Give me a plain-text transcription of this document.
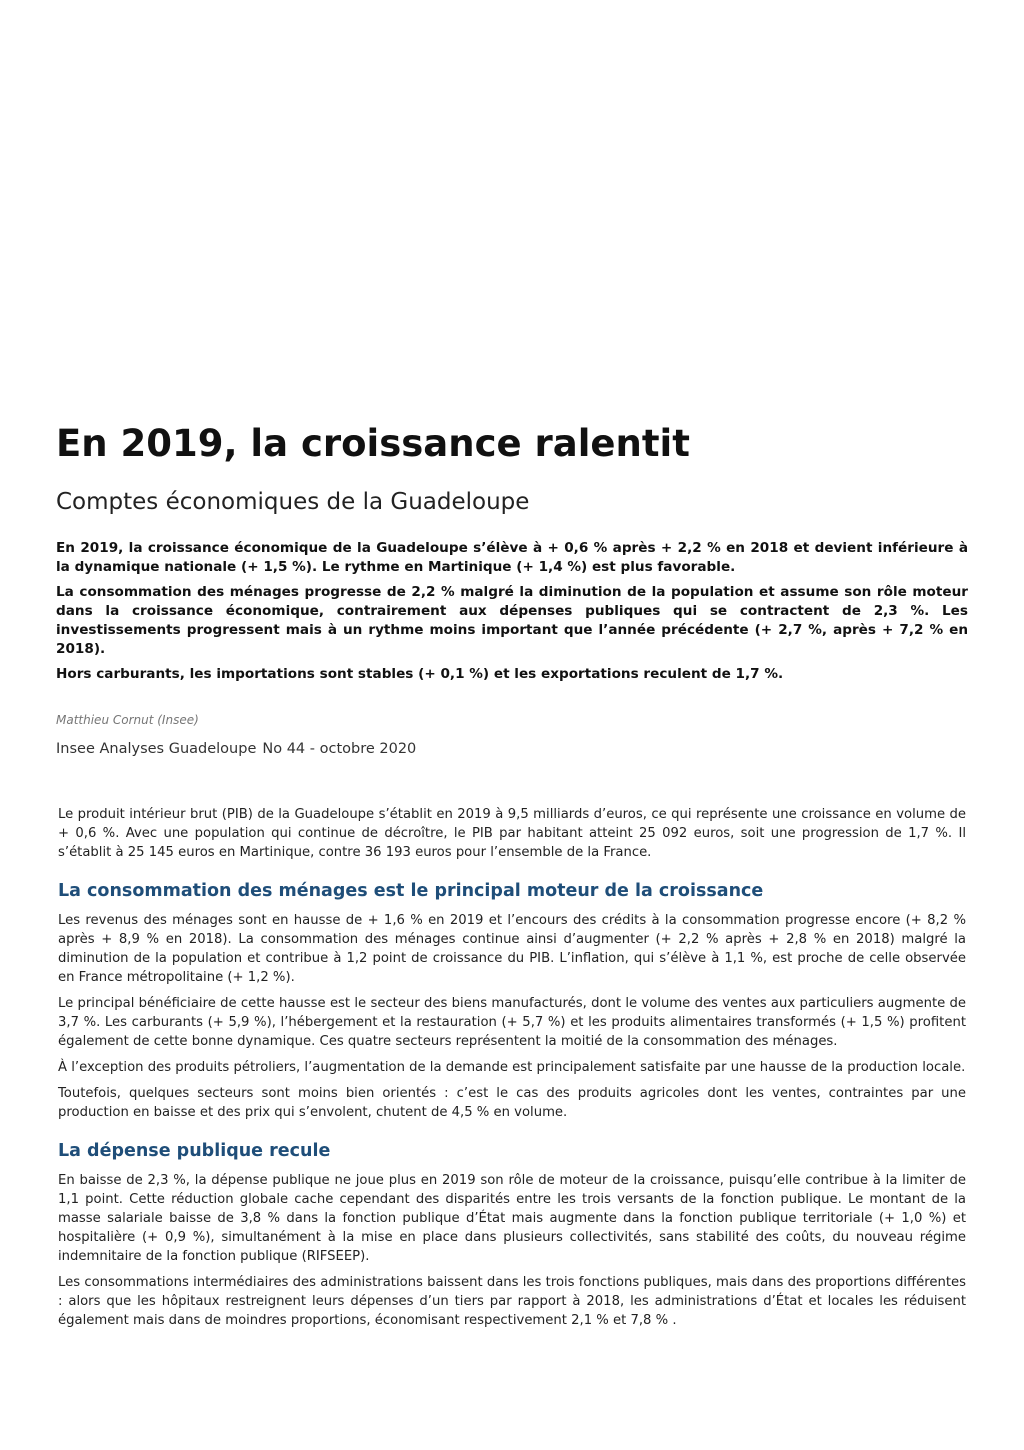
En 2019, la croissance ralentit
Comptes économiques de la Guadeloupe

En 2019, la croissance économique de la Guadeloupe s’élève à + 0,6 % après + 2,2 % en 2018 et devient inférieure à la dynamique nationale (+ 1,5 %). Le rythme en Martinique (+ 1,4 %) est plus favorable.

La consommation des ménages progresse de 2,2 % malgré la diminution de la population et assume son rôle moteur dans la croissance économique, contrairement aux dépenses publiques qui se contractent de 2,3 %. Les investissements progressent mais à un rythme moins important que l’année précédente (+ 2,7 %, après + 7,2 % en 2018).

Hors carburants, les importations sont stables (+ 0,1 %) et les exportations reculent de 1,7 %.

Matthieu Cornut (Insee)
Insee Analyses Guadeloupe No 44 - octobre 2020

Le produit intérieur brut (PIB) de la Guadeloupe s’établit en 2019 à 9,5 milliards d’euros, ce qui représente une croissance en volume de + 0,6 %. Avec une population qui continue de décroître, le PIB par habitant atteint 25 092 euros, soit une progression de 1,7 %. Il s’établit à 25 145 euros en Martinique, contre 36 193 euros pour l’ensemble de la France.

La consommation des ménages est le principal moteur de la croissance

Les revenus des ménages sont en hausse de + 1,6 % en 2019 et l’encours des crédits à la consommation progresse encore (+ 8,2 % après + 8,9 % en 2018). La consommation des ménages continue ainsi d’augmenter (+ 2,2 % après + 2,8 % en 2018) malgré la diminution de la population et contribue à 1,2 point de croissance du PIB. L’inflation, qui s’élève à 1,1 %, est proche de celle observée en France métropolitaine (+ 1,2 %).

Le principal bénéficiaire de cette hausse est le secteur des biens manufacturés, dont le volume des ventes aux particuliers augmente de 3,7 %. Les carburants (+ 5,9 %), l’hébergement et la restauration (+ 5,7 %) et les produits alimentaires transformés (+ 1,5 %) profitent également de cette bonne dynamique. Ces quatre secteurs représentent la moitié de la consommation des ménages.

À l’exception des produits pétroliers, l’augmentation de la demande est principalement satisfaite par une hausse de la production locale.

Toutefois, quelques secteurs sont moins bien orientés : c’est le cas des produits agricoles dont les ventes, contraintes par une production en baisse et des prix qui s’envolent, chutent de 4,5 % en volume.

La dépense publique recule

En baisse de 2,3 %, la dépense publique ne joue plus en 2019 son rôle de moteur de la croissance, puisqu’elle contribue à la limiter de 1,1 point. Cette réduction globale cache cependant des disparités entre les trois versants de la fonction publique. Le montant de la masse salariale baisse de 3,8 % dans la fonction publique d’État mais augmente dans la fonction publique territoriale (+ 1,0 %) et hospitalière (+ 0,9 %), simultanément à la mise en place dans plusieurs collectivités, sans stabilité des coûts, du nouveau régime indemnitaire de la fonction publique (RIFSEEP).

Les consommations intermédiaires des administrations baissent dans les trois fonctions publiques, mais dans des proportions différentes : alors que les hôpitaux restreignent leurs dépenses d’un tiers par rapport à 2018, les administrations d’État et locales les réduisent également mais dans de moindres proportions, économisant respectivement 2,1 % et 7,8 % .
